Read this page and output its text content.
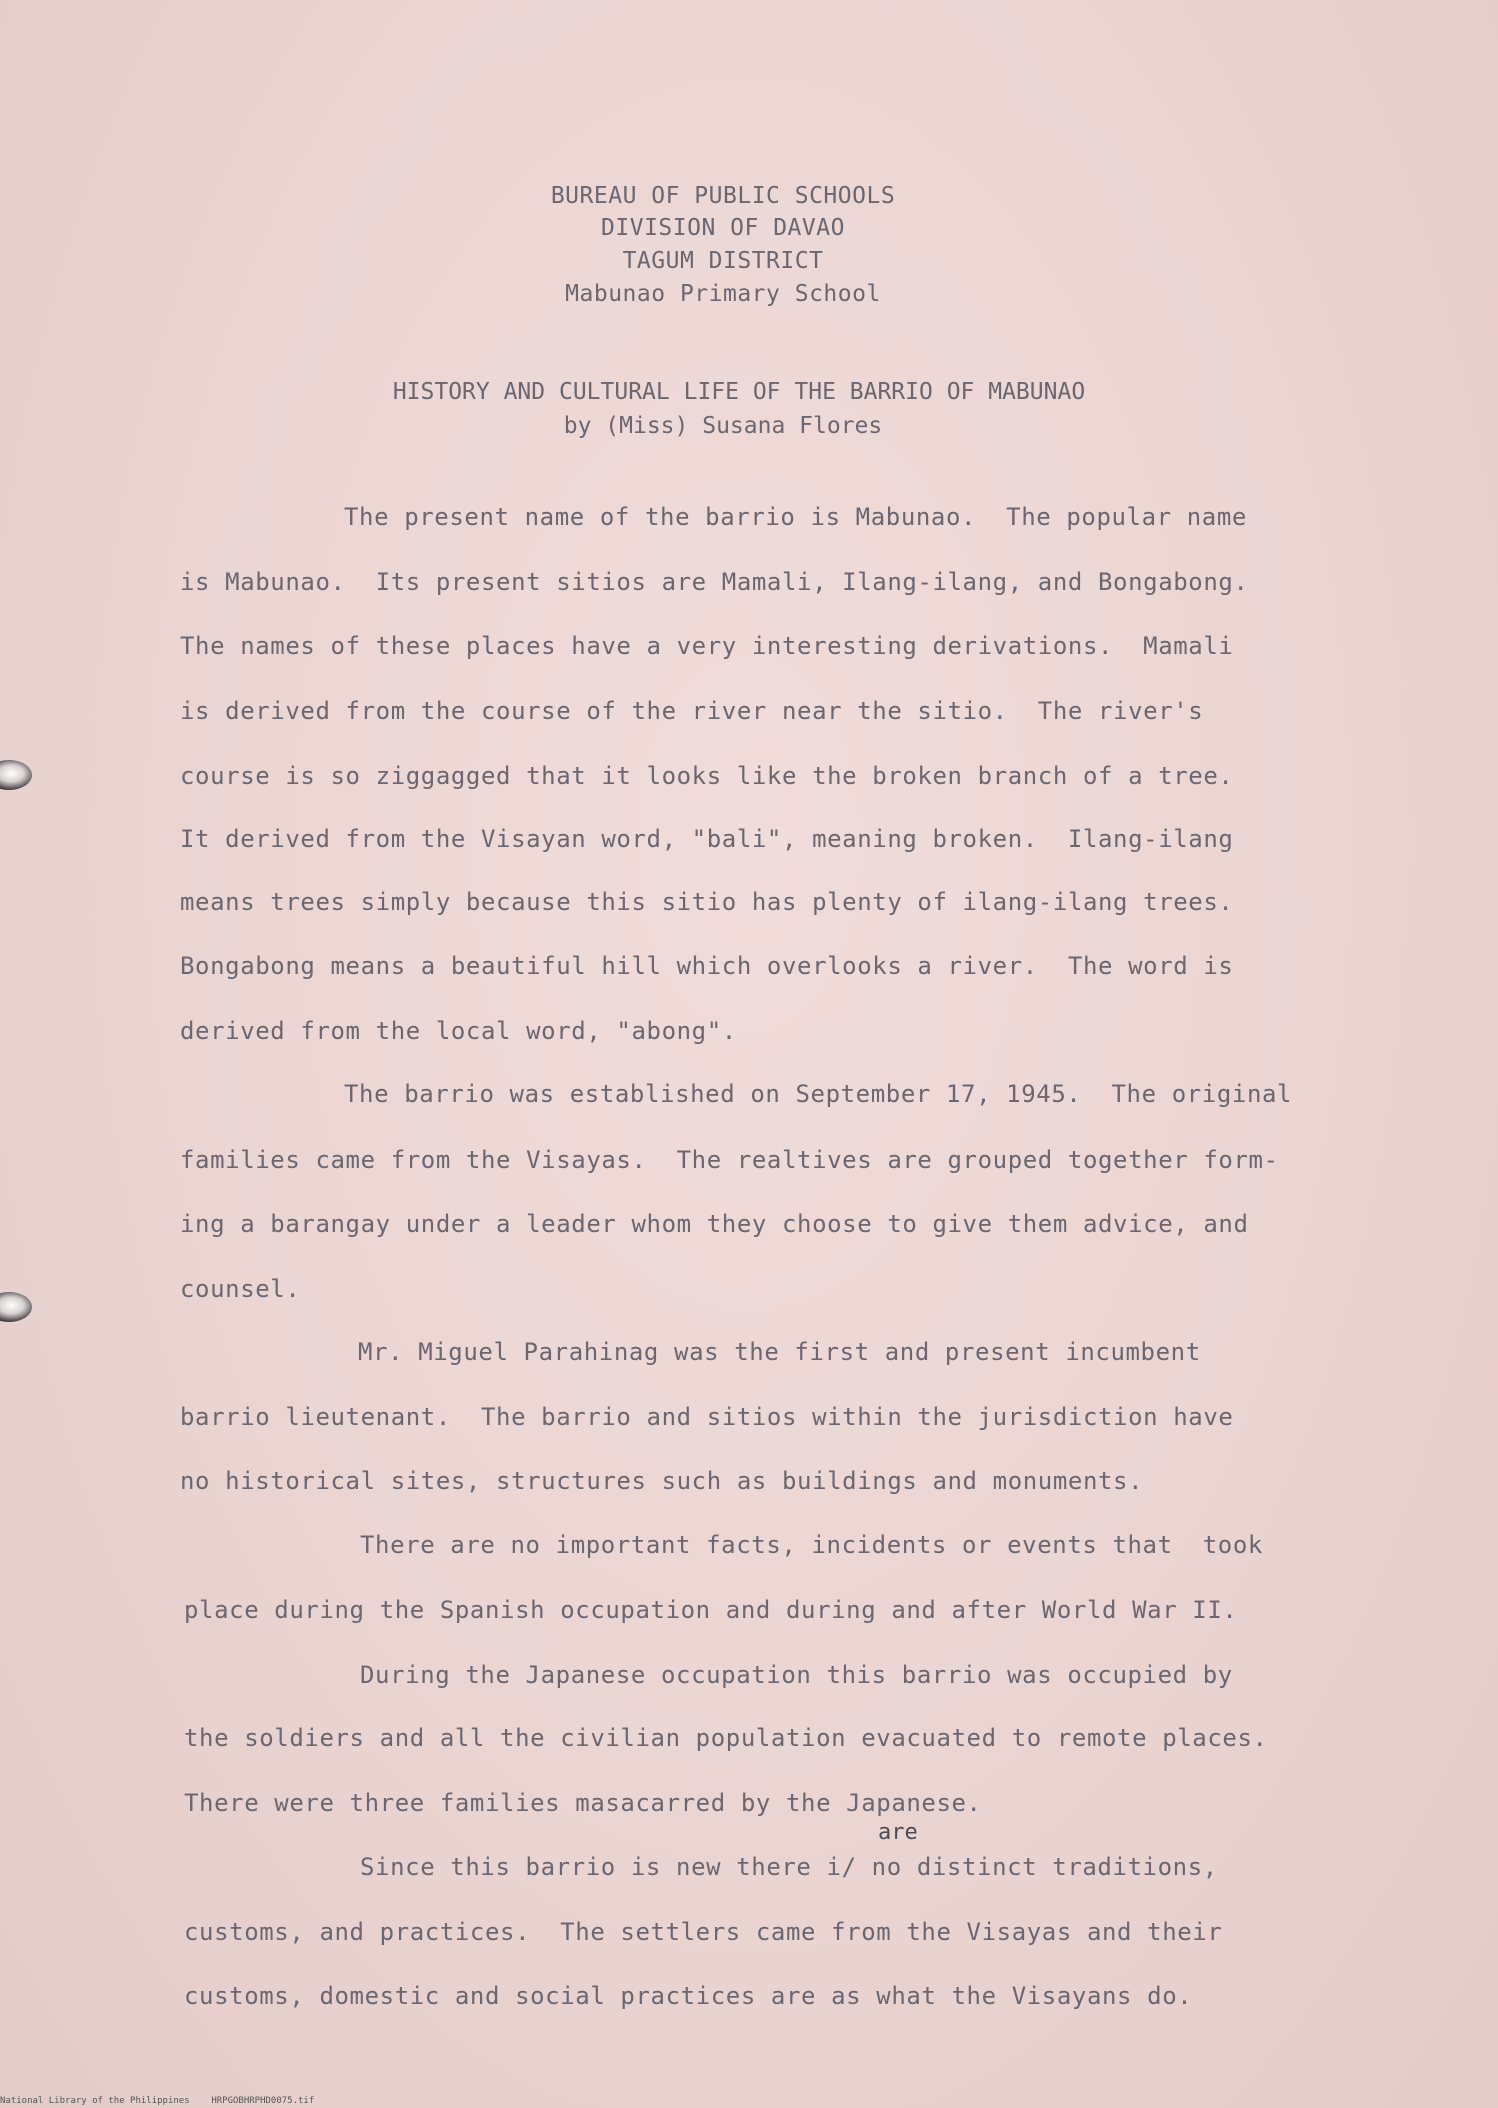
BUREAU OF PUBLIC SCHOOLS
DIVISION OF DAVAO
TAGUM DISTRICT
Mabunao Primary School
HISTORY AND CULTURAL LIFE OF THE BARRIO OF MABUNAO
by (Miss) Susana Flores
The present name of the barrio is Mabunao.  The popular name
is Mabunao.  Its present sitios are Mamali, Ilang-ilang, and Bongabong.
The names of these places have a very interesting derivations.  Mamali
is derived from the course of the river near the sitio.  The river's
course is so ziggagged that it looks like the broken branch of a tree.
It derived from the Visayan word, "bali", meaning broken.  Ilang-ilang
means trees simply because this sitio has plenty of ilang-ilang trees.
Bongabong means a beautiful hill which overlooks a river.  The word is
derived from the local word, "abong".
The barrio was established on September 17, 1945.  The original
families came from the Visayas.  The realtives are grouped together form-
ing a barangay under a leader whom they choose to give them advice, and
counsel.
Mr. Miguel Parahinag was the first and present incumbent
barrio lieutenant.  The barrio and sitios within the jurisdiction have
no historical sites, structures such as buildings and monuments.
There are no important facts, incidents or events that  took
place during the Spanish occupation and during and after World War II.
During the Japanese occupation this barrio was occupied by
the soldiers and all the civilian population evacuated to remote places.
There were three families masacarred by the Japanese.
are
Since this barrio is new there i/ no distinct traditions,
customs, and practices.  The settlers came from the Visayas and their
customs, domestic and social practices are as what the Visayans do.
National Library of the Philippines    HRPGOBHRPHD0075.tif
